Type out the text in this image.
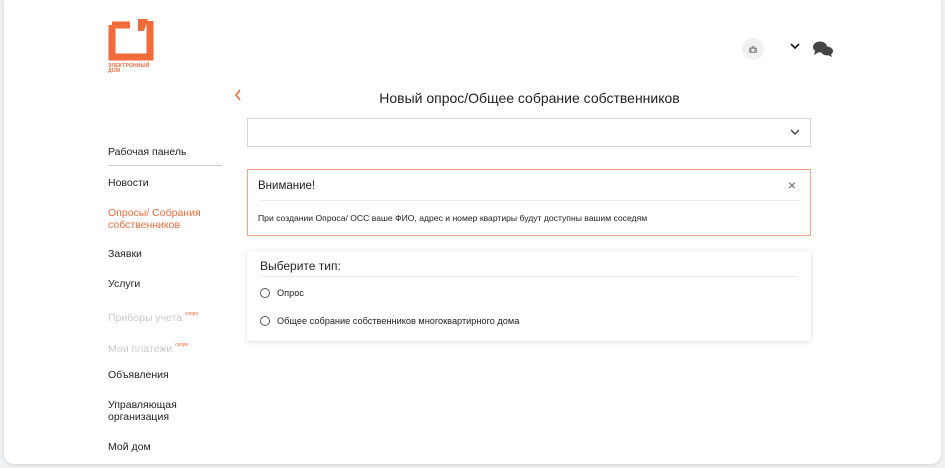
ЭЛЕКТРОННЫЙ
ДОМ
Рабочая панель
Новости
Опросы/ Собрания
собственников
Заявки
Услуги
Приборы учета $^{скоро}$
Мои платежи $^{скоро}$
Объявления
Управляющая
организация
Мой дом
Новый опрос/Общее собрание собственников
Внимание!	×
При создании Опроса/ ОСС ваше ФИО, адрес и номер квартиры будут доступны вашим соседям
Выберите тип:
Опрос
Общее собрание собственников многоквартирного дома
